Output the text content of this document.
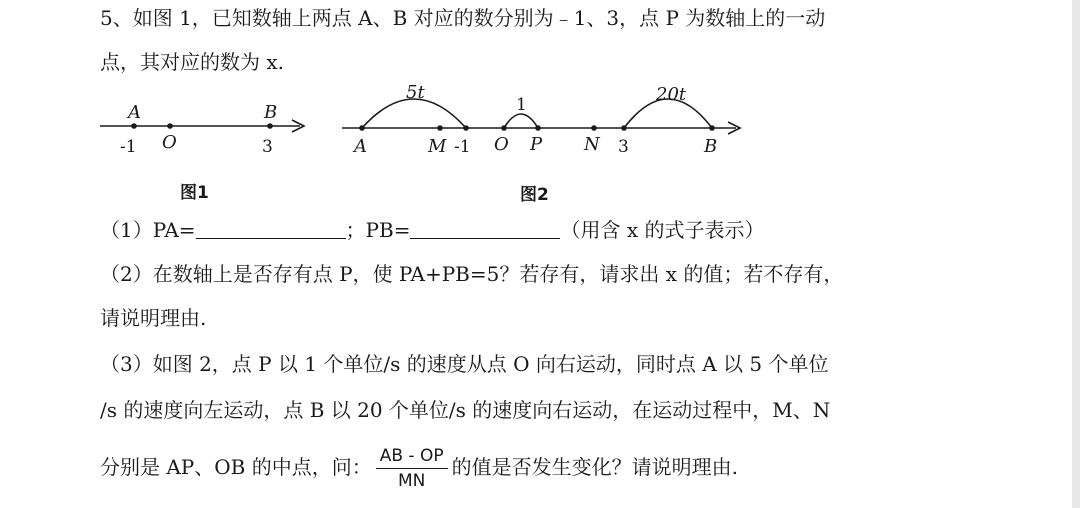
5、如图 1，已知数轴上两点 A、B 对应的数分别为﹣1、3，点 P 为数轴上的一动
点，其对应的数为 x.
A	B
O
-1	3
图1
5t
1	20t
A	M -1 O P N 3	B
图2
（1）PA=	；PB=	（用含 x 的式子表示）
（2）在数轴上是否存有点 P，使 PA+PB=5？若存有，请求出 x 的值；若不存有，
请说明理由.
（3）如图 2，点 P 以 1 个单位/s 的速度从点 O 向右运动，同时点 A 以 5 个单位
/s 的速度向左运动，点 B 以 20 个单位/s 的速度向右运动，在运动过程中，M、N
分别是 AP、OB 的中点，问： $\frac{AB - OP}{MN}$ 的值是否发生变化？请说明理由.
